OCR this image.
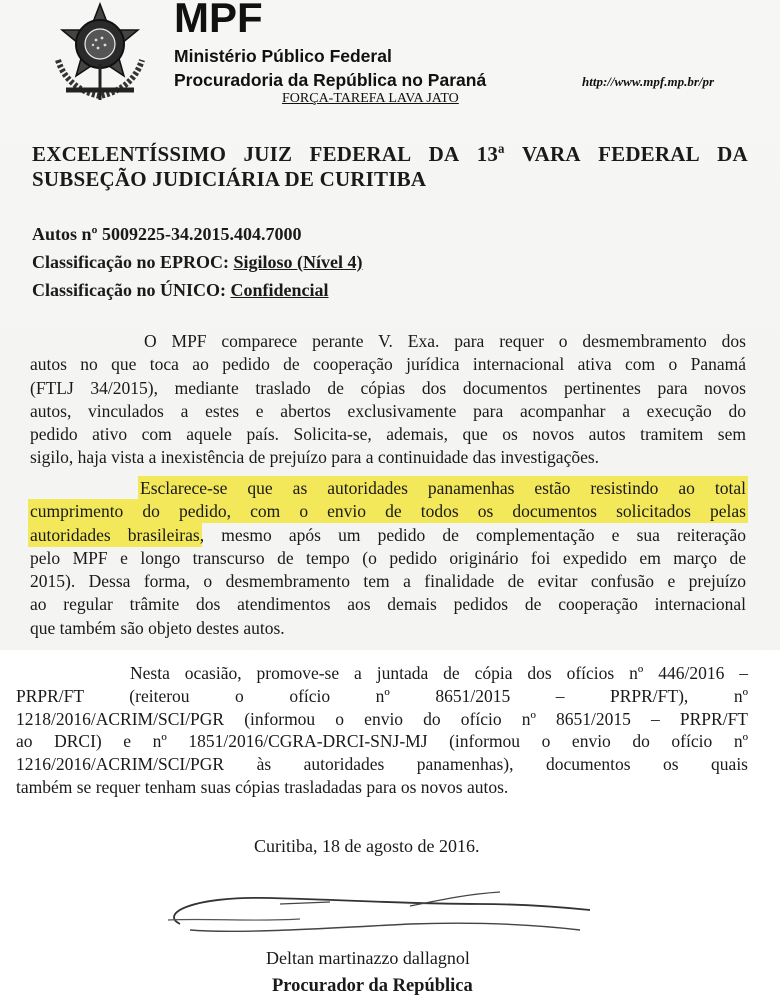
MPF
Ministério Público Federal
Procuradoria da República no Paraná	http://www.mpf.mp.br/pr
FORÇA-TAREFA LAVA JATO
EXCELENTÍSSIMO JUIZ FEDERAL DA 13ª VARA FEDERAL DA
SUBSEÇÃO JUDICIÁRIA DE CURITIBA
Autos nº 5009225-34.2015.404.7000
Classificação no EPROC: Sigiloso (Nível 4)
Classificação no ÚNICO: Confidencial
O MPF comparece perante V. Exa. para requer o desmembramento dos
autos no que toca ao pedido de cooperação jurídica internacional ativa com o Panamá
(FTLJ 34/2015), mediante traslado de cópias dos documentos pertinentes para novos
autos, vinculados a estes e abertos exclusivamente para acompanhar a execução do
pedido ativo com aquele país. Solicita-se, ademais, que os novos autos tramitem sem
sigilo, haja vista a inexistência de prejuízo para a continuidade das investigações.
Esclarece-se que as autoridades panamenhas estão resistindo ao total
cumprimento do pedido, com o envio de todos os documentos solicitados pelas
autoridades brasileiras, mesmo após um pedido de complementação e sua reiteração
pelo MPF e longo transcurso de tempo (o pedido originário foi expedido em março de
2015). Dessa forma, o desmembramento tem a finalidade de evitar confusão e prejuízo
ao regular trâmite dos atendimentos aos demais pedidos de cooperação internacional
que também são objeto destes autos.
Nesta ocasião, promove-se a juntada de cópia dos ofícios nº 446/2016 –
PRPR/FT (reiterou o ofício nº 8651/2015 – PRPR/FT), nº
1218/2016/ACRIM/SCI/PGR (informou o envio do ofício nº 8651/2015 – PRPR/FT
ao DRCI) e nº 1851/2016/CGRA-DRCI-SNJ-MJ (informou o envio do ofício nº
1216/2016/ACRIM/SCI/PGR às autoridades panamenhas), documentos os quais
também se requer tenham suas cópias trasladadas para os novos autos.
Curitiba, 18 de agosto de 2016.
Deltan martinazzo dallagnol
Procurador da República
